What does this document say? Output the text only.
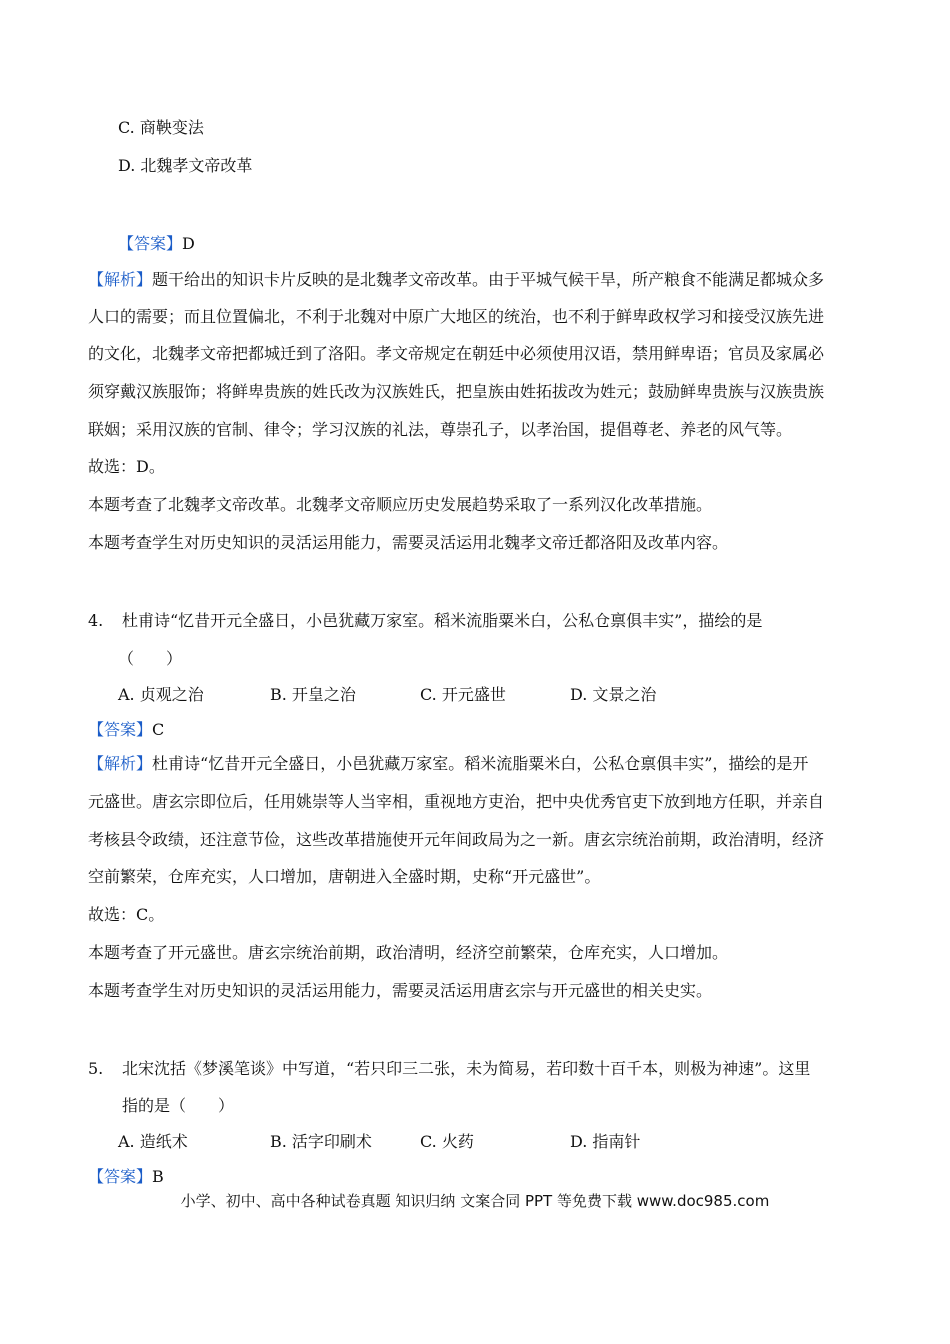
C. 商鞅变法
D. 北魏孝文帝改革
【答案】D
【解析】题干给出的知识卡片反映的是北魏孝文帝改革。由于平城气候干旱，所产粮食不能满足都城众多
人口的需要；而且位置偏北，不利于北魏对中原广大地区的统治，也不利于鲜卑政权学习和接受汉族先进
的文化，北魏孝文帝把都城迁到了洛阳。孝文帝规定在朝廷中必须使用汉语，禁用鲜卑语；官员及家属必
须穿戴汉族服饰；将鲜卑贵族的姓氏改为汉族姓氏，把皇族由姓拓拔改为姓元；鼓励鲜卑贵族与汉族贵族
联姻；采用汉族的官制、律令；学习汉族的礼法，尊崇孔子，以孝治国，提倡尊老、养老的风气等。
故选：D。
本题考查了北魏孝文帝改革。北魏孝文帝顺应历史发展趋势采取了一系列汉化改革措施。
本题考查学生对历史知识的灵活运用能力，需要灵活运用北魏孝文帝迁都洛阳及改革内容。
4. 杜甫诗“忆昔开元全盛日，小邑犹藏万家室。稻米流脂粟米白，公私仓禀俱丰实”，描绘的是
（　　）
A. 贞观之治	B. 开皇之治	C. 开元盛世	D. 文景之治
【答案】C
【解析】杜甫诗“忆昔开元全盛日，小邑犹藏万家室。稻米流脂粟米白，公私仓禀俱丰实”，描绘的是开
元盛世。唐玄宗即位后，任用姚崇等人当宰相，重视地方吏治，把中央优秀官吏下放到地方任职，并亲自
考核县令政绩，还注意节俭，这些改革措施使开元年间政局为之一新。唐玄宗统治前期，政治清明，经济
空前繁荣，仓库充实，人口增加，唐朝进入全盛时期，史称“开元盛世”。
故选：C。
本题考查了开元盛世。唐玄宗统治前期，政治清明，经济空前繁荣，仓库充实，人口增加。
本题考查学生对历史知识的灵活运用能力，需要灵活运用唐玄宗与开元盛世的相关史实。
5. 北宋沈括《梦溪笔谈》中写道，“若只印三二张，未为简易，若印数十百千本，则极为神速”。这里
指的是（　　）
A. 造纸术	B. 活字印刷术	C. 火药	D. 指南针
【答案】B
小学、初中、高中各种试卷真题 知识归纳 文案合同 PPT 等免费下载 www.doc985.com
